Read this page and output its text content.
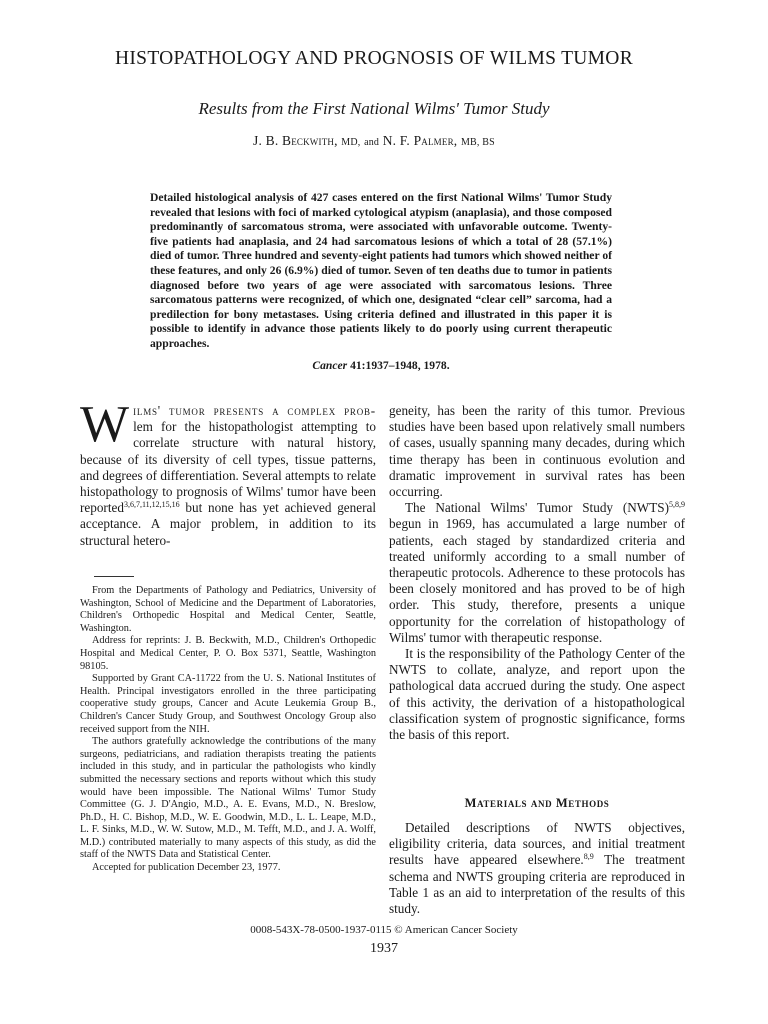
HISTOPATHOLOGY AND PROGNOSIS OF WILMS TUMOR

Results from the First National Wilms' Tumor Study

J. B. Beckwith, MD, and N. F. Palmer, MB, BS

Detailed histological analysis of 427 cases entered on the first National Wilms' Tumor Study revealed that lesions with foci of marked cytological atypism (anaplasia), and those composed predominantly of sarcomatous stroma, were associated with unfavorable outcome. Twenty-five patients had anaplasia, and 24 had sarcomatous lesions of which a total of 28 (57.1%) died of tumor. Three hundred and seventy-eight patients had tumors which showed neither of these features, and only 26 (6.9%) died of tumor. Seven of ten deaths due to tumor in patients diagnosed before two years of age were associated with sarcomatous lesions. Three sarcomatous patterns were recognized, of which one, designated “clear cell” sarcoma, had a predilection for bony metastases. Using criteria defined and illustrated in this paper it is possible to identify in advance those patients likely to do poorly using current therapeutic approaches.

Cancer 41:1937–1948, 1978.

Wilms' tumor presents a complex prob- lem for the histopathologist attempting to correlate structure with natural history, because of its diversity of cell types, tissue patterns, and degrees of differentiation. Several attempts to relate histopathology to prognosis of Wilms' tumor have been reported$^{3,6,7,11,12,15,16}$ but none has yet achieved general acceptance. A major problem, in addition to its structural hetero-

From the Departments of Pathology and Pediatrics, University of Washington, School of Medicine and the Department of Laboratories, Children's Orthopedic Hospital and Medical Center, Seattle, Washington.

Address for reprints: J. B. Beckwith, M.D., Children's Orthopedic Hospital and Medical Center, P. O. Box 5371, Seattle, Washington 98105.

Supported by Grant CA-11722 from the U. S. National Institutes of Health. Principal investigators enrolled in the three participating cooperative study groups, Cancer and Acute Leukemia Group B., Children's Cancer Study Group, and Southwest Oncology Group also received support from the NIH.

The authors gratefully acknowledge the contributions of the many surgeons, pediatricians, and radiation therapists treating the patients included in this study, and in particular the pathologists who kindly submitted the necessary sections and reports without which this study would have been impossible. The National Wilms' Tumor Study Committee (G. J. D'Angio, M.D., A. E. Evans, M.D., N. Breslow, Ph.D., H. C. Bishop, M.D., W. E. Goodwin, M.D., L. L. Leape, M.D., L. F. Sinks, M.D., W. W. Sutow, M.D., M. Tefft, M.D., and J. A. Wolff, M.D.) contributed materially to many aspects of this study, as did the staff of the NWTS Data and Statistical Center.

Accepted for publication December 23, 1977.

geneity, has been the rarity of this tumor. Previous studies have been based upon relatively small numbers of cases, usually spanning many decades, during which time therapy has been in continuous evolution and dramatic improvement in survival rates has been occurring.

The National Wilms' Tumor Study (NWTS)$^{5,8,9}$ begun in 1969, has accumulated a large number of patients, each staged by standardized criteria and treated uniformly according to a small number of therapeutic protocols. Adherence to these protocols has been closely monitored and has proved to be of high order. This study, therefore, presents a unique opportunity for the correlation of histopathology of Wilms' tumor with therapeutic response.

It is the responsibility of the Pathology Center of the NWTS to collate, analyze, and report upon the pathological data accrued during the study. One aspect of this activity, the derivation of a histopathological classification system of prognostic significance, forms the basis of this report.

Materials and Methods

Detailed descriptions of NWTS objectives, eligibility criteria, data sources, and initial treatment results have appeared elsewhere.$^{8,9}$ The treatment schema and NWTS grouping criteria are reproduced in Table 1 as an aid to interpretation of the results of this study.

0008-543X-78-0500-1937-0115 © American Cancer Society

1937
